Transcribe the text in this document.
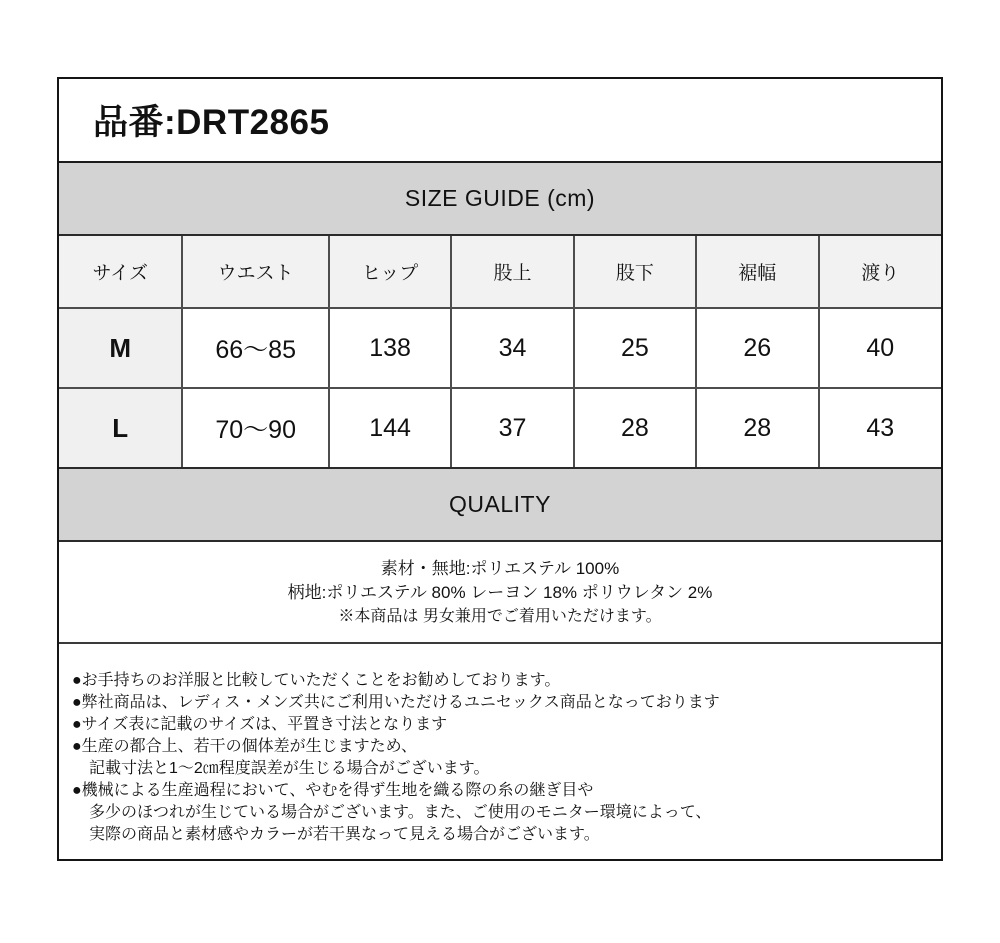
品番:DRT2865
SIZE GUIDE (cm)
サイズ	ウエスト	ヒップ	股上	股下	裾幅	渡り
M	66〜85	138	34	25	26	40
L	70〜90	144	37	28	28	43
QUALITY
素材・無地:ポリエステル 100%
柄地:ポリエステル 80% レーヨン 18% ポリウレタン 2%
※本商品は 男女兼用でご着用いただけます。
●お手持ちのお洋服と比較していただくことをお勧めしております。
●弊社商品は、レディス・メンズ共にご利用いただけるユニセックス商品となっております
●サイズ表に記載のサイズは、平置き寸法となります
●生産の都合上、若干の個体差が生じますため、
記載寸法と1〜2㎝程度誤差が生じる場合がございます。
●機械による生産過程において、やむを得ず生地を織る際の糸の継ぎ目や
多少のほつれが生じている場合がございます。また、ご使用のモニター環境によって、
実際の商品と素材感やカラーが若干異なって見える場合がございます。
